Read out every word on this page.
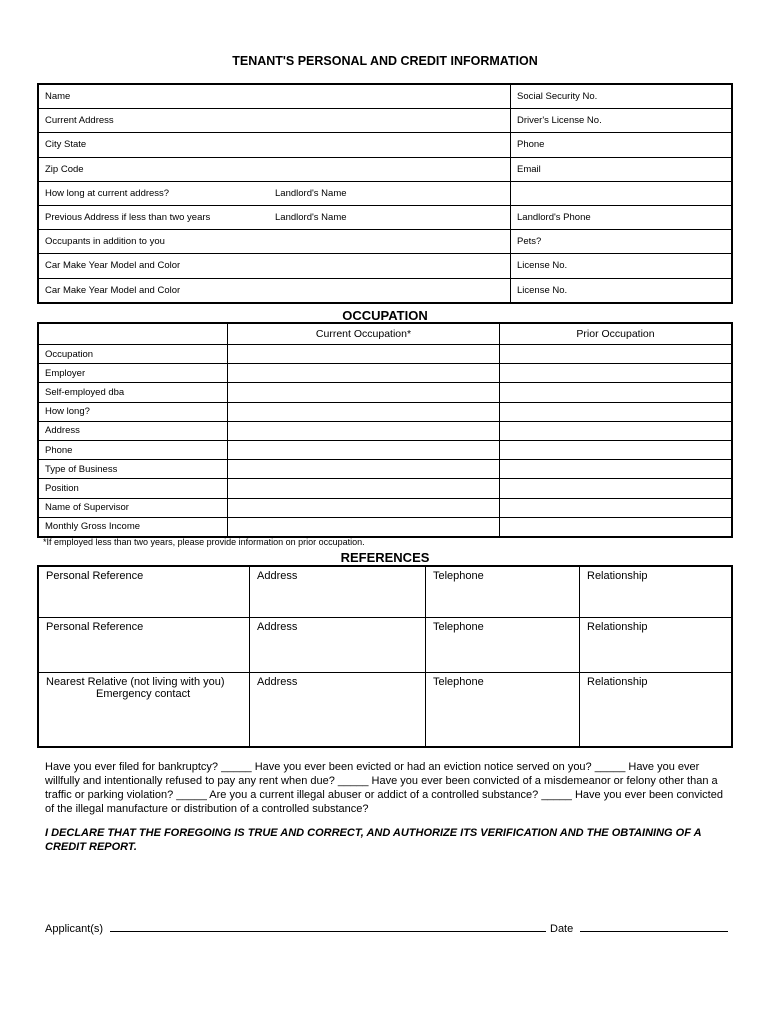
TENANT'S PERSONAL AND CREDIT INFORMATION
Name	Social Security No.

Current Address	Driver's License No.

City State	Phone

Zip Code	Email

How long at current address? Landlord's Name	

Previous Address if less than two years Landlord's Name	Landlord's Phone

Occupants in addition to you	Pets?

Car Make Year Model and Color	License No.

Car Make Year Model and Color	License No.
OCCUPATION
	Current Occupation*	Prior Occupation
Occupation		
Employer		
Self-employed dba		
How long?		
Address		
Phone		
Type of Business		
Position		
Name of Supervisor		
Monthly Gross Income		
*If employed less than two years, please provide information on prior occupation.
REFERENCES
Personal Reference	Address	Telephone	Relationship
Personal Reference	Address	Telephone	Relationship
Nearest Relative (not living with you)
Emergency contact	Address	Telephone	Relationship
Have you ever filed for bankruptcy? _____ Have you ever been evicted or had an eviction notice served on you? _____ Have you ever willfully and intentionally refused to pay any rent when due? _____ Have you ever been convicted of a misdemeanor or felony other than a traffic or parking violation? _____ Are you a current illegal abuser or addict of a controlled substance? _____ Have you ever been convicted of the illegal manufacture or distribution of a controlled substance?
I DECLARE THAT THE FOREGOING IS TRUE AND CORRECT, AND AUTHORIZE ITS VERIFICATION AND THE OBTAINING OF A CREDIT REPORT.
Applicant(s)	Date
